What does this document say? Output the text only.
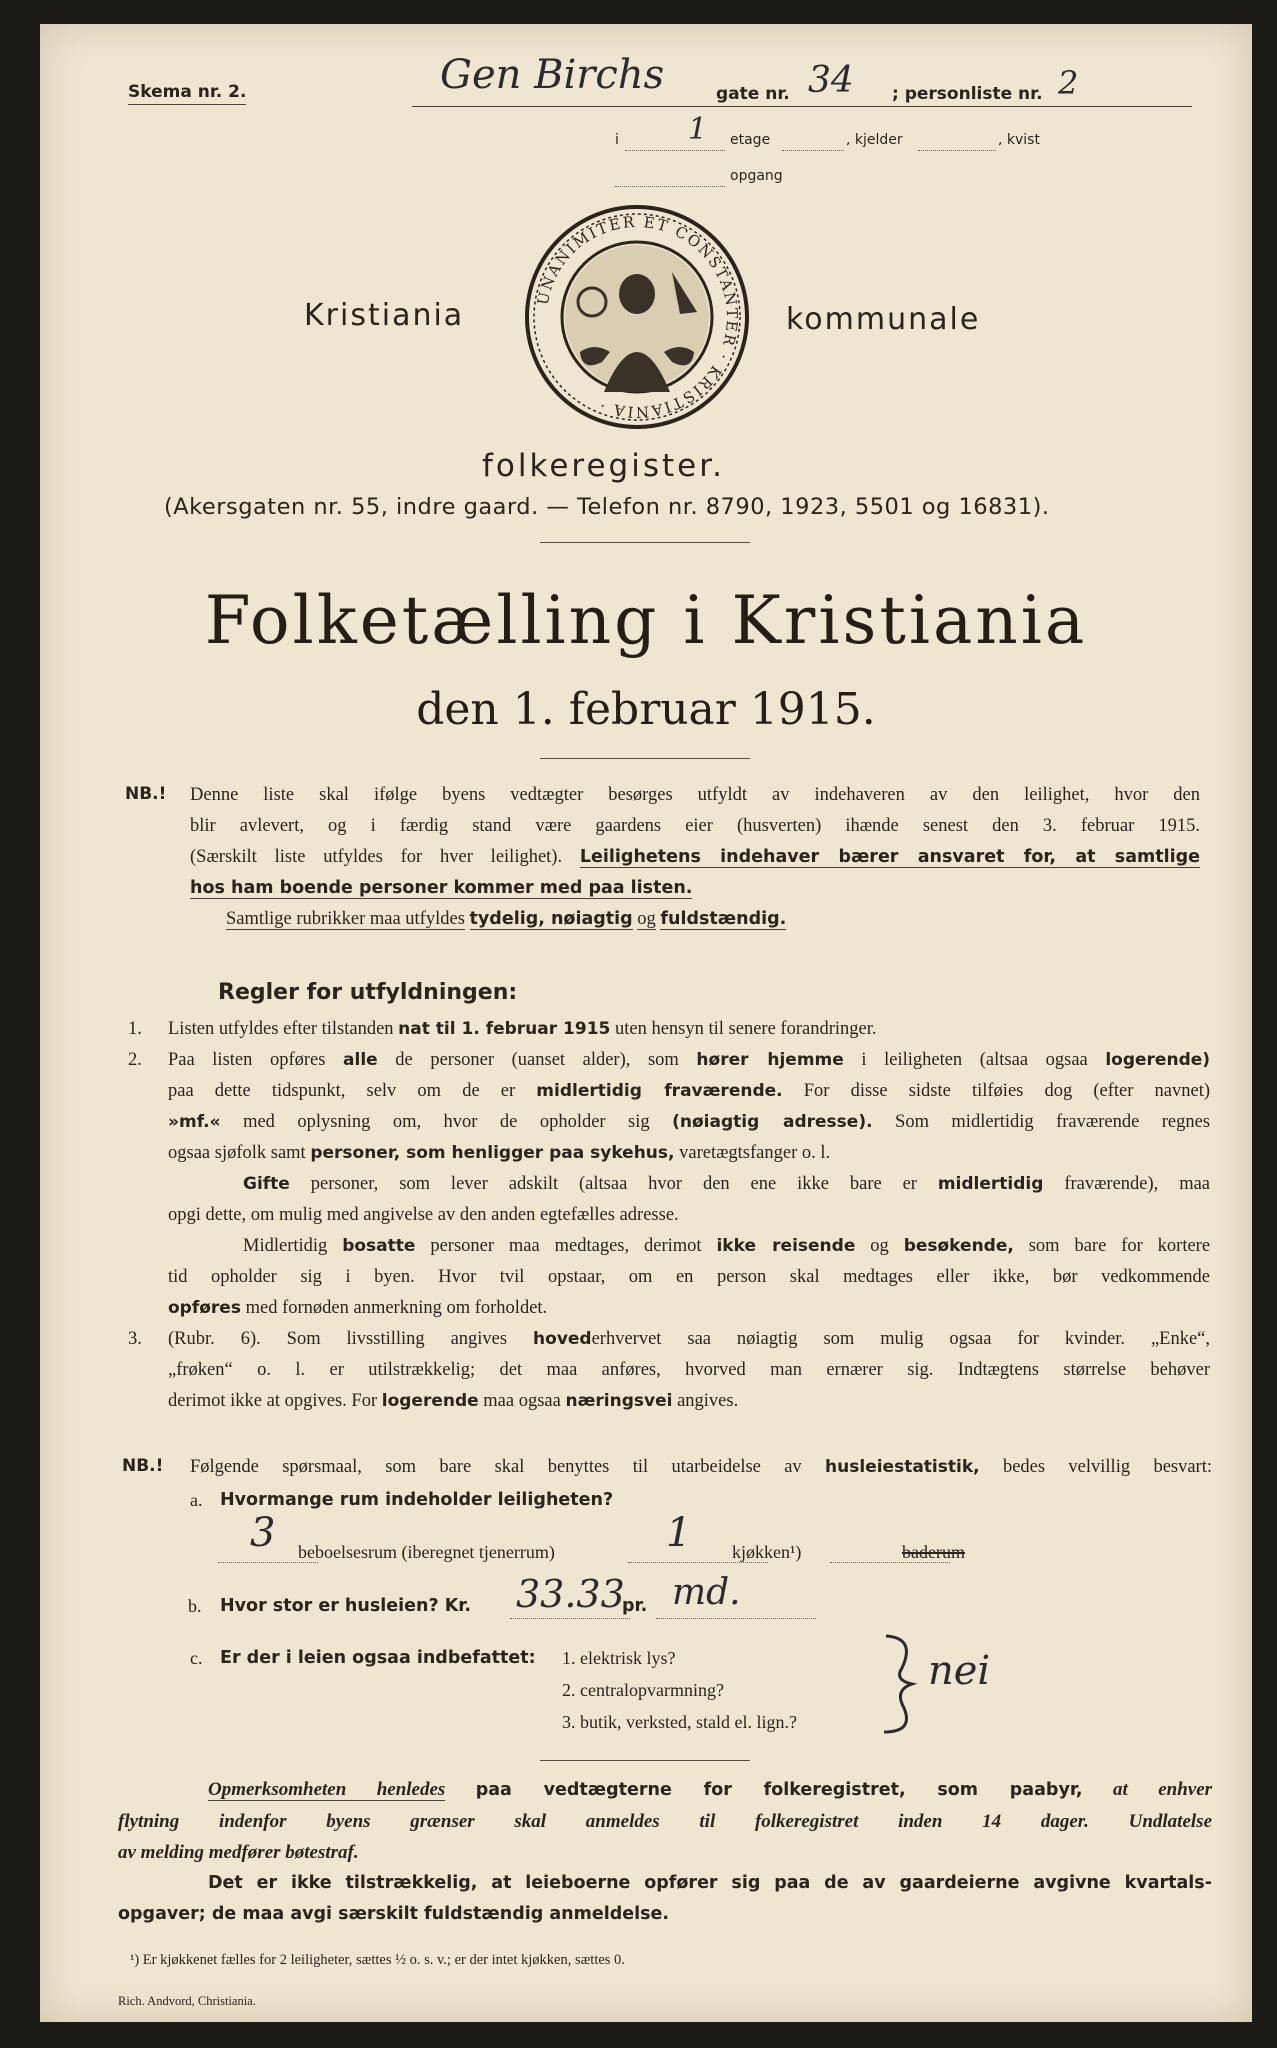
Skema nr. 2.	Gen Birchs	gate nr. 34 ; personliste nr. 2
i 1 etage	, kjelder	, kvist
opgang
Kristiania	kommunale
UNANIMITER ET CONSTANTER · KRISTIANIA ·
folkeregister.
(Akersgaten nr. 55, indre gaard. — Telefon nr. 8790, 1923, 5501 og 16831).
Folketælling i Kristiania
den 1. februar 1915.
NB.! Denne liste skal ifølge byens vedtægter besørges utfyldt av indehaveren av den leilighet, hvor den
blir avlevert, og i færdig stand være gaardens eier (husverten) ihænde senest den 3. februar 1915.
(Særskilt liste utfyldes for hver leilighet). Leilighetens indehaver bærer ansvaret for, at samtlige
hos ham boende personer kommer med paa listen.
Samtlige rubrikker maa utfyldes tydelig, nøiagtig og fuldstændig.
Regler for utfyldningen:
1. Listen utfyldes efter tilstanden nat til 1. februar 1915 uten hensyn til senere forandringer.
2. Paa listen opføres alle de personer (uanset alder), som hører hjemme i leiligheten (altsaa ogsaa logerende)
paa dette tidspunkt, selv om de er midlertidig fraværende. For disse sidste tilføies dog (efter navnet)
»mf.« med oplysning om, hvor de opholder sig (nøiagtig adresse). Som midlertidig fraværende regnes
ogsaa sjøfolk samt personer, som henligger paa sykehus, varetægtsfanger o. l.
Gifte personer, som lever adskilt (altsaa hvor den ene ikke bare er midlertidig fraværende), maa
opgi dette, om mulig med angivelse av den anden egtefælles adresse.
Midlertidig bosatte personer maa medtages, derimot ikke reisende og besøkende, som bare for kortere
tid opholder sig i byen. Hvor tvil opstaar, om en person skal medtages eller ikke, bør vedkommende
opføres med fornøden anmerkning om forholdet.
3. (Rubr. 6). Som livsstilling angives hovederhvervet saa nøiagtig som mulig ogsaa for kvinder. „Enke“,
„frøken“ o. l. er utilstrækkelig; det maa anføres, hvorved man ernærer sig. Indtægtens størrelse behøver
derimot ikke at opgives. For logerende maa ogsaa næringsvei angives.
NB.! Følgende spørsmaal, som bare skal benyttes til utarbeidelse av husleiestatistik, bedes velvillig besvart:
a. Hvormange rum indeholder leiligheten?
3 beboelsesrum (iberegnet tjenerrum)	1 kjøkken¹)	baderum
b. Hvor stor er husleien? Kr. 33.33
pr. md.
c. Er der i leien ogsaa indbefattet: 1. elektrisk lys?
2. centralopvarmning?
3. butik, verksted, stald el. lign.?
nei
Opmerksomheten henledes paa vedtægterne for folkeregistret, som paabyr, at enhver
flytning indenfor byens grænser skal anmeldes til folkeregistret inden 14 dager. Undlatelse
av melding medfører bøtestraf.
Det er ikke tilstrækkelig, at leieboerne opfører sig paa de av gaardeierne avgivne kvartals-
opgaver; de maa avgi særskilt fuldstændig anmeldelse.
¹) Er kjøkkenet fælles for 2 leiligheter, sættes ½ o. s. v.; er der intet kjøkken, sættes 0.
Rich. Andvord, Christiania.
